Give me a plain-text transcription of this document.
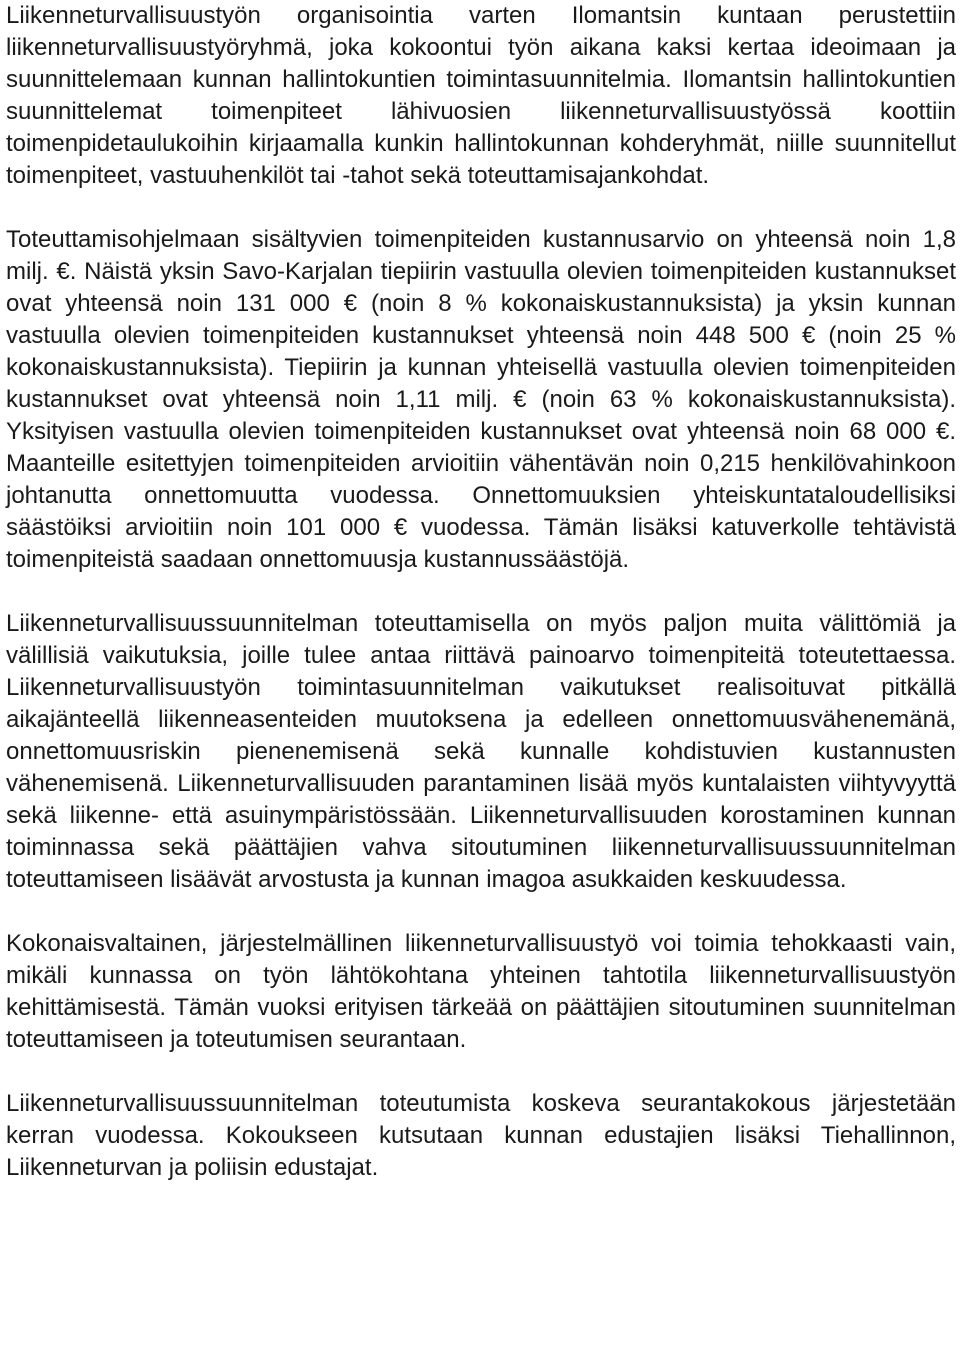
Liikenneturvallisuustyön organisointia varten Ilomantsin kuntaan perustettiin liikenneturvallisuustyöryhmä, joka kokoontui työn aikana kaksi kertaa ideoimaan ja suunnittelemaan kunnan hallintokuntien toimintasuunnitelmia. Ilomantsin hallintokuntien suunnittelemat toimenpiteet lähivuosien liikenneturvallisuustyössä koottiin toimenpidetaulukoihin kirjaamalla kunkin hallintokunnan kohderyhmät, niille suunnitellut toimenpiteet, vastuuhenkilöt tai -tahot sekä toteuttamisajankohdat.

Toteuttamisohjelmaan sisältyvien toimenpiteiden kustannusarvio on yhteensä noin 1,8 milj. €. Näistä yksin Savo-Karjalan tiepiirin vastuulla olevien toimenpiteiden kustannukset ovat yhteensä noin 131 000 € (noin 8 % kokonaiskustannuksista) ja yksin kunnan vastuulla olevien toimenpiteiden kustannukset yhteensä noin 448 500 € (noin 25 % kokonaiskustannuksista). Tiepiirin ja kunnan yhteisellä vastuulla olevien toimenpiteiden kustannukset ovat yhteensä noin 1,11 milj. € (noin 63 % kokonaiskustannuksista). Yksityisen vastuulla olevien toimenpiteiden kustannukset ovat yhteensä noin 68 000 €. Maanteille esitettyjen toimenpiteiden arvioitiin vähentävän noin 0,215 henkilövahinkoon johtanutta onnettomuutta vuodessa. Onnettomuuksien yhteiskuntataloudellisiksi säästöiksi arvioitiin noin 101 000 € vuodessa. Tämän lisäksi katuverkolle tehtävistä toimenpiteistä saadaan onnettomuusja kustannussäästöjä.

Liikenneturvallisuussuunnitelman toteuttamisella on myös paljon muita välittömiä ja välillisiä vaikutuksia, joille tulee antaa riittävä painoarvo toimenpiteitä toteutettaessa. Liikenneturvallisuustyön toimintasuunnitelman vaikutukset realisoituvat pitkällä aikajänteellä liikenneasenteiden muutoksena ja edelleen onnettomuusvähenemänä, onnettomuusriskin pienenemisenä sekä kunnalle kohdistuvien kustannusten vähenemisenä. Liikenneturvallisuuden parantaminen lisää myös kuntalaisten viihtyvyyttä sekä liikenne- että asuinympäristössään. Liikenneturvallisuuden korostaminen kunnan toiminnassa sekä päättäjien vahva sitoutuminen liikenneturvallisuussuunnitelman toteuttamiseen lisäävät arvostusta ja kunnan imagoa asukkaiden keskuudessa.

Kokonaisvaltainen, järjestelmällinen liikenneturvallisuustyö voi toimia tehokkaasti vain, mikäli kunnassa on työn lähtökohtana yhteinen tahtotila liikenneturvallisuustyön kehittämisestä. Tämän vuoksi erityisen tärkeää on päättäjien sitoutuminen suunnitelman toteuttamiseen ja toteutumisen seurantaan.

Liikenneturvallisuussuunnitelman toteutumista koskeva seurantakokous järjestetään kerran vuodessa. Kokoukseen kutsutaan kunnan edustajien lisäksi Tiehallinnon, Liikenneturvan ja poliisin edustajat.
